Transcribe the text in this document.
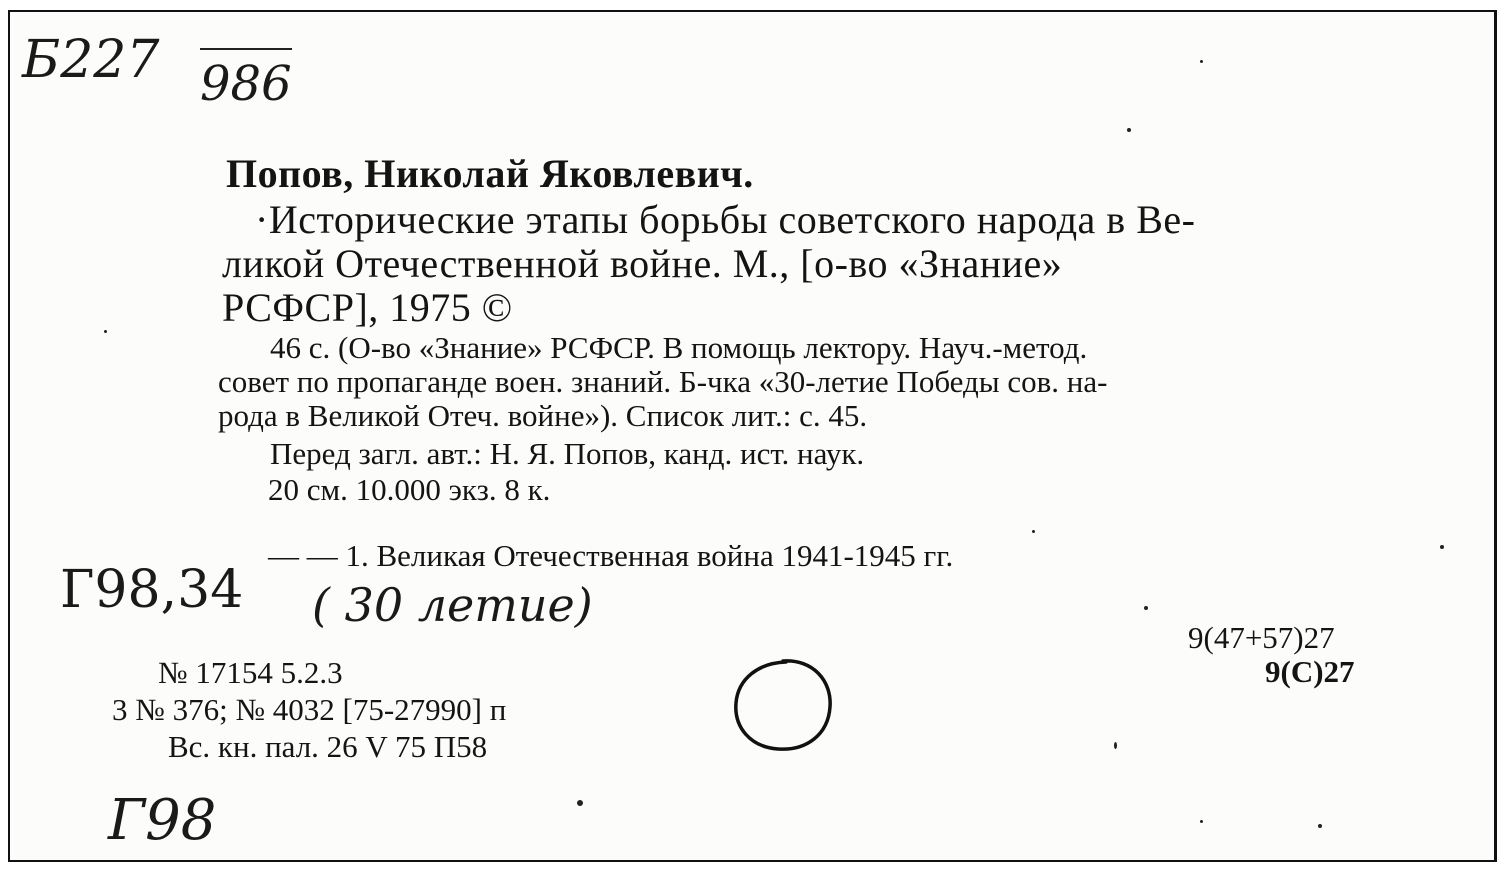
Б227 986
Попов, Николай Яковлевич.
·Исторические этапы борьбы советского народа в Ве-
ликой Отечественной войне. М., [о-во «Знание»
РСФСР], 1975 ©
46 с. (О-во «Знание» РСФСР. В помощь лектору. Науч.-метод.
совет по пропаганде воен. знаний. Б-чка «30-летие Победы сов. на-
рода в Великой Отеч. войне»). Список лит.: с. 45.
Перед загл. авт.: Н. Я. Попов, канд. ист. наук.
20 см. 10.000 экз. 8 к.
— — 1. Великая Отечественная война 1941-1945 гг.
Г98,34 ( 30 летие)
№ 17154 5.2.3
3 № 376; № 4032 [75-27990] п
Вс. кн. пал. 26 V 75 П58
9(47+57)27
9(С)27
Г98
